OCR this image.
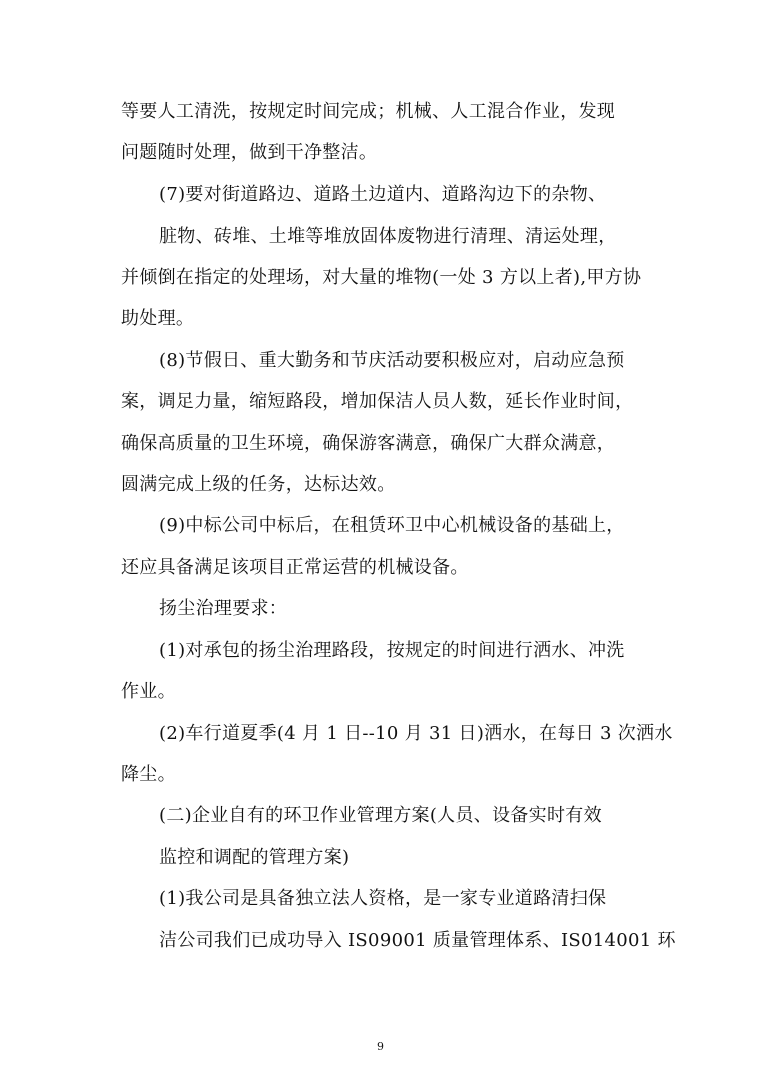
等要人工清洗，按规定时间完成；机械、人工混合作业，发现
问题随时处理，做到干净整洁。
(7)要对街道路边、道路土边道内、道路沟边下的杂物、
脏物、砖堆、土堆等堆放固体废物进行清理、清运处理，
并倾倒在指定的处理场，对大量的堆物(一处 3 方以上者),甲方协
助处理。
(8)节假日、重大勤务和节庆活动要积极应对，启动应急预
案，调足力量，缩短路段，增加保洁人员人数，延长作业时间，
确保高质量的卫生环境，确保游客满意，确保广大群众满意，
圆满完成上级的任务，达标达效。
(9)中标公司中标后，在租赁环卫中心机械设备的基础上，
还应具备满足该项目正常运营的机械设备。
扬尘治理要求：
(1)对承包的扬尘治理路段，按规定的时间进行洒水、冲洗
作业。
(2)车行道夏季(4 月 1 日--10 月 31 日)洒水，在每日 3 次洒水
降尘。
(二)企业自有的环卫作业管理方案(人员、设备实时有效
监控和调配的管理方案)
(1)我公司是具备独立法人资格，是一家专业道路清扫保
洁公司我们已成功导入 IS09001 质量管理体系、IS014001 环
9
